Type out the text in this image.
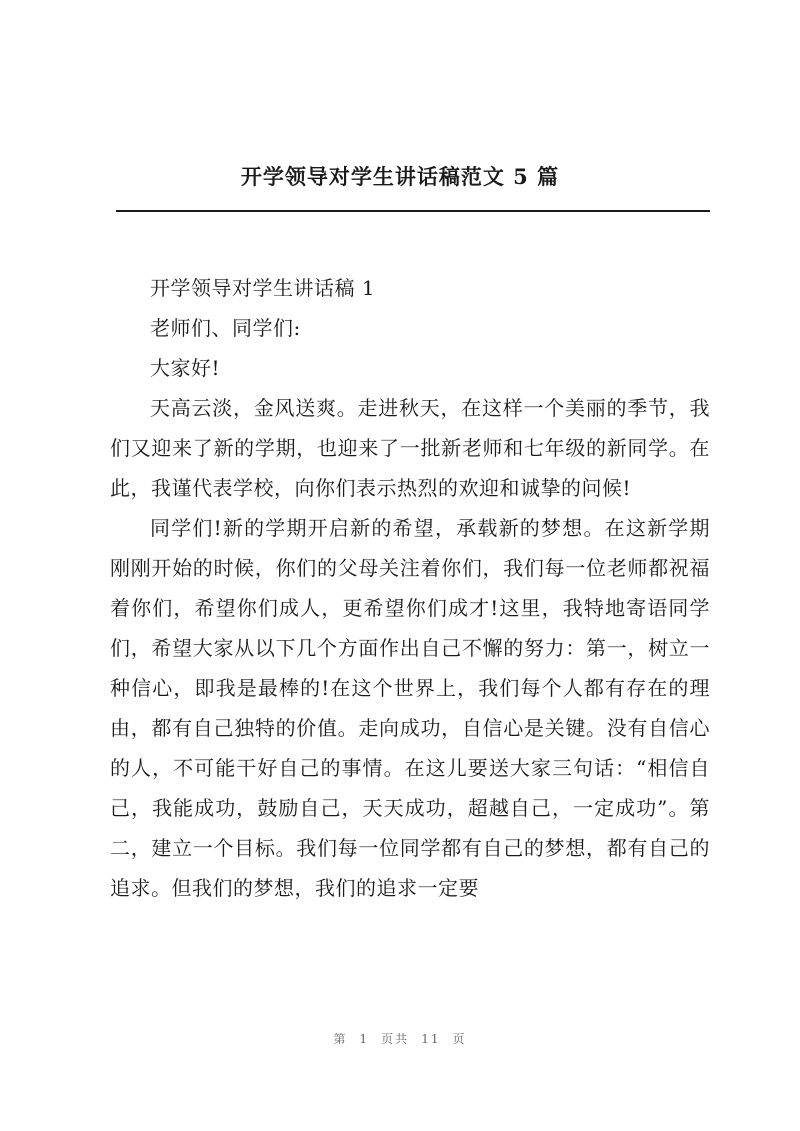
开学领导对学生讲话稿范文 5 篇

开学领导对学生讲话稿 1

老师们、同学们:

大家好!

天高云淡，金风送爽。走进秋天，在这样一个美丽的季节，我们又迎来了新的学期，也迎来了一批新老师和七年级的新同学。在此，我谨代表学校，向你们表示热烈的欢迎和诚挚的问候!

同学们!新的学期开启新的希望，承载新的梦想。在这新学期刚刚开始的时候，你们的父母关注着你们，我们每一位老师都祝福着你们，希望你们成人，更希望你们成才!这里，我特地寄语同学们，希望大家从以下几个方面作出自己不懈的努力：第一，树立一种信心，即我是最棒的!在这个世界上，我们每个人都有存在的理由，都有自己独特的价值。走向成功，自信心是关键。没有自信心的人，不可能干好自己的事情。在这儿要送大家三句话：“相信自己，我能成功，鼓励自己，天天成功，超越自己，一定成功”。第二，建立一个目标。我们每一位同学都有自己的梦想，都有自己的追求。但我们的梦想，我们的追求一定要

第 1 页共 11 页
